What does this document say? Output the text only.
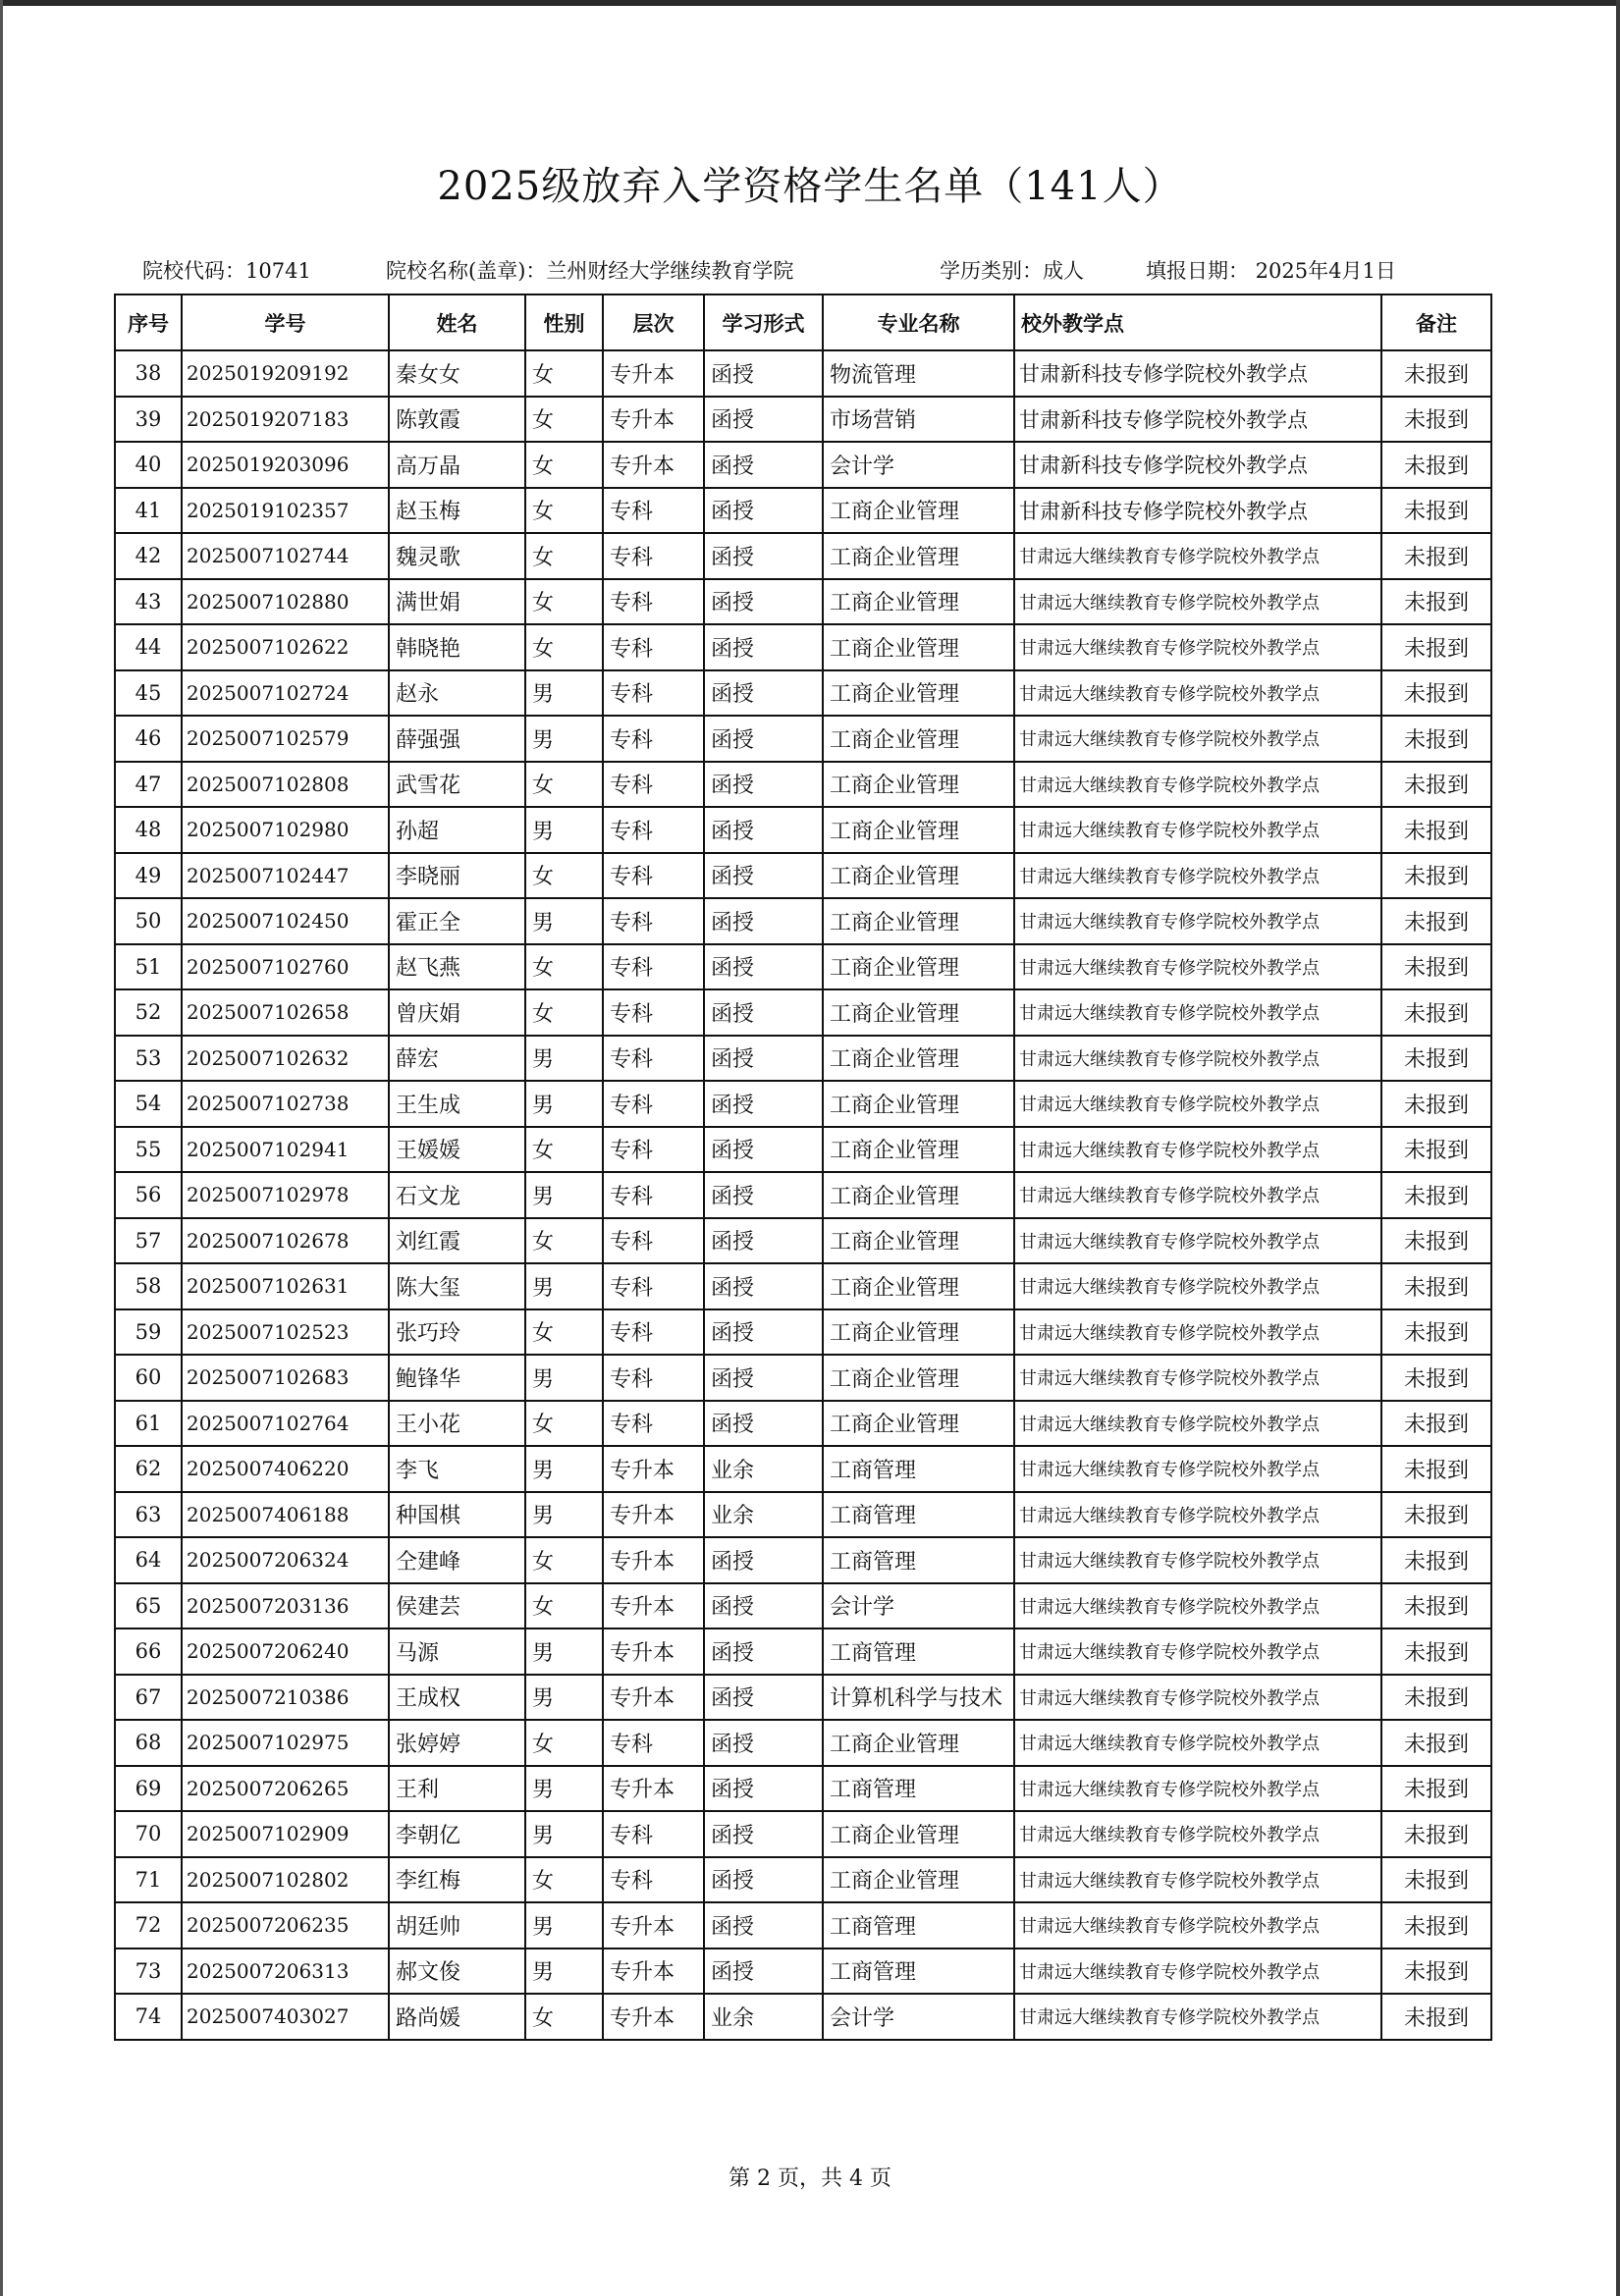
2025级放弃入学资格学生名单（141人）
院校代码：10741	院校名称(盖章)：兰州财经大学继续教育学院	学历类别：成人	填报日期： 2025年4月1日
序号	学号	姓名	性别	层次	学习形式	专业名称	校外教学点	备注
38	2025019209192	秦女女	女	专升本	函授	物流管理	甘肃新科技专修学院校外教学点	未报到
39	2025019207183	陈敦霞	女	专升本	函授	市场营销	甘肃新科技专修学院校外教学点	未报到
40	2025019203096	高万晶	女	专升本	函授	会计学	甘肃新科技专修学院校外教学点	未报到
41	2025019102357	赵玉梅	女	专科	函授	工商企业管理	甘肃新科技专修学院校外教学点	未报到
42	2025007102744	魏灵歌	女	专科	函授	工商企业管理	甘肃远大继续教育专修学院校外教学点	未报到
43	2025007102880	满世娟	女	专科	函授	工商企业管理	甘肃远大继续教育专修学院校外教学点	未报到
44	2025007102622	韩晓艳	女	专科	函授	工商企业管理	甘肃远大继续教育专修学院校外教学点	未报到
45	2025007102724	赵永	男	专科	函授	工商企业管理	甘肃远大继续教育专修学院校外教学点	未报到
46	2025007102579	薛强强	男	专科	函授	工商企业管理	甘肃远大继续教育专修学院校外教学点	未报到
47	2025007102808	武雪花	女	专科	函授	工商企业管理	甘肃远大继续教育专修学院校外教学点	未报到
48	2025007102980	孙超	男	专科	函授	工商企业管理	甘肃远大继续教育专修学院校外教学点	未报到
49	2025007102447	李晓丽	女	专科	函授	工商企业管理	甘肃远大继续教育专修学院校外教学点	未报到
50	2025007102450	霍正全	男	专科	函授	工商企业管理	甘肃远大继续教育专修学院校外教学点	未报到
51	2025007102760	赵飞燕	女	专科	函授	工商企业管理	甘肃远大继续教育专修学院校外教学点	未报到
52	2025007102658	曾庆娟	女	专科	函授	工商企业管理	甘肃远大继续教育专修学院校外教学点	未报到
53	2025007102632	薛宏	男	专科	函授	工商企业管理	甘肃远大继续教育专修学院校外教学点	未报到
54	2025007102738	王生成	男	专科	函授	工商企业管理	甘肃远大继续教育专修学院校外教学点	未报到
55	2025007102941	王媛媛	女	专科	函授	工商企业管理	甘肃远大继续教育专修学院校外教学点	未报到
56	2025007102978	石文龙	男	专科	函授	工商企业管理	甘肃远大继续教育专修学院校外教学点	未报到
57	2025007102678	刘红霞	女	专科	函授	工商企业管理	甘肃远大继续教育专修学院校外教学点	未报到
58	2025007102631	陈大玺	男	专科	函授	工商企业管理	甘肃远大继续教育专修学院校外教学点	未报到
59	2025007102523	张巧玲	女	专科	函授	工商企业管理	甘肃远大继续教育专修学院校外教学点	未报到
60	2025007102683	鲍锋华	男	专科	函授	工商企业管理	甘肃远大继续教育专修学院校外教学点	未报到
61	2025007102764	王小花	女	专科	函授	工商企业管理	甘肃远大继续教育专修学院校外教学点	未报到
62	2025007406220	李飞	男	专升本	业余	工商管理	甘肃远大继续教育专修学院校外教学点	未报到
63	2025007406188	种国棋	男	专升本	业余	工商管理	甘肃远大继续教育专修学院校外教学点	未报到
64	2025007206324	仝建峰	女	专升本	函授	工商管理	甘肃远大继续教育专修学院校外教学点	未报到
65	2025007203136	侯建芸	女	专升本	函授	会计学	甘肃远大继续教育专修学院校外教学点	未报到
66	2025007206240	马源	男	专升本	函授	工商管理	甘肃远大继续教育专修学院校外教学点	未报到
67	2025007210386	王成权	男	专升本	函授	计算机科学与技术	甘肃远大继续教育专修学院校外教学点	未报到
68	2025007102975	张婷婷	女	专科	函授	工商企业管理	甘肃远大继续教育专修学院校外教学点	未报到
69	2025007206265	王利	男	专升本	函授	工商管理	甘肃远大继续教育专修学院校外教学点	未报到
70	2025007102909	李朝亿	男	专科	函授	工商企业管理	甘肃远大继续教育专修学院校外教学点	未报到
71	2025007102802	李红梅	女	专科	函授	工商企业管理	甘肃远大继续教育专修学院校外教学点	未报到
72	2025007206235	胡廷帅	男	专升本	函授	工商管理	甘肃远大继续教育专修学院校外教学点	未报到
73	2025007206313	郝文俊	男	专升本	函授	工商管理	甘肃远大继续教育专修学院校外教学点	未报到
74	2025007403027	路尚媛	女	专升本	业余	会计学	甘肃远大继续教育专修学院校外教学点	未报到
第 2 页，共 4 页
